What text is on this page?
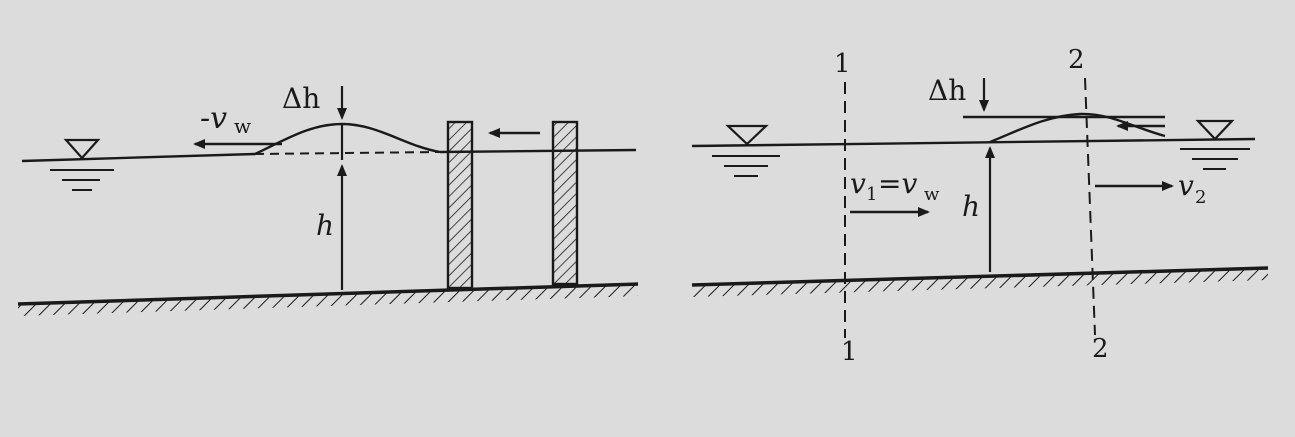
-v w
Δh
h
1
1
2
2
Δh
h
v 1 =v w	v 2
